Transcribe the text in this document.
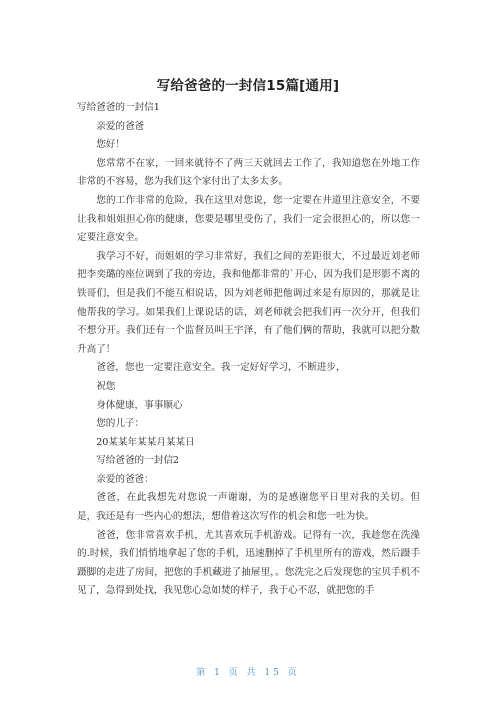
写给爸爸的一封信15篇[通用]

写给爸爸的一封信1

亲爱的爸爸

您好！

您常常不在家，一回来就待不了两三天就回去工作了，我知道您在外地工作非常的不容易，您为我们这个家付出了太多太多。

您的工作非常的危险，我在这里对您说，您一定要在井道里注意安全，不要让我和姐姐担心你的健康，您要是哪里受伤了，我们一定会很担心的，所以您一定要注意安全。

我学习不好，而姐姐的学习非常好，我们之间的差距很大，不过最近刘老师把李奕璐的座位调到了我的旁边，我和他都非常的`开心，因为我们是形影不离的铁哥们，但是我们不能互相说话，因为刘老师把他调过来是有原因的，那就是让他帮我的学习。如果我们上课说话的话，刘老师就会把我们再一次分开，但我们不想分开。我们还有一个监督员叫王宇泽，有了他们俩的帮助，我就可以把分数升高了！

爸爸，您也一定要注意安全。我一定好好学习，不断进步，

祝您

身体健康，事事顺心

您的儿子：

20某某年某某月某某日

写给爸爸的一封信2

亲爱的爸爸：

爸爸，在此我想先对您说一声谢谢，为的是感谢您平日里对我的关切。但是，我还是有一些内心的想法，想借着这次写作的机会和您一吐为快。

爸爸，您非常喜欢手机，尤其喜欢玩手机游戏。记得有一次，我趁您在洗澡的.时候，我们悄悄地拿起了您的手机，迅速删掉了手机里所有的游戏，然后蹑手蹑脚的走进了房间，把您的手机藏进了抽屉里，。您洗完之后发现您的宝贝手机不见了，急得到处找，我见您心急如焚的样子，我于心不忍，就把您的手

第 1 页 共 15 页
